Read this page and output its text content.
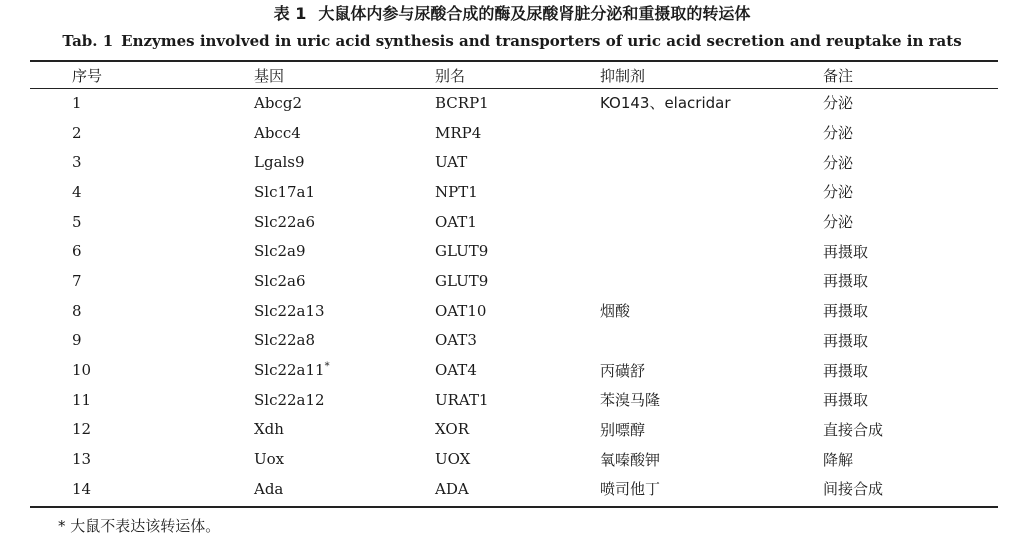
表 1 大鼠体内参与尿酸合成的酶及尿酸肾脏分泌和重摄取的转运体
Tab. 1 Enzymes involved in uric acid synthesis and transporters of uric acid secretion and reuptake in rats
序号	基因	别名	抑制剂	备注
1	Abcg2	BCRP1	KO143、elacridar	分泌
2	Abcc4	MRP4		分泌
3	Lgals9	UAT		分泌
4	Slc17a1	NPT1		分泌
5	Slc22a6	OAT1		分泌
6	Slc2a9	GLUT9		再摄取
7	Slc2a6	GLUT9		再摄取
8	Slc22a13	OAT10	烟酸	再摄取
9	Slc22a8	OAT3		再摄取
10	Slc22a11*	OAT4	丙磺舒	再摄取
11	Slc22a12	URAT1	苯溴马隆	再摄取
12	Xdh	XOR	别嘌醇	直接合成
13	Uox	UOX	氧嗪酸钾	降解
14	Ada	ADA	喷司他丁	间接合成
* 大鼠不表达该转运体。
